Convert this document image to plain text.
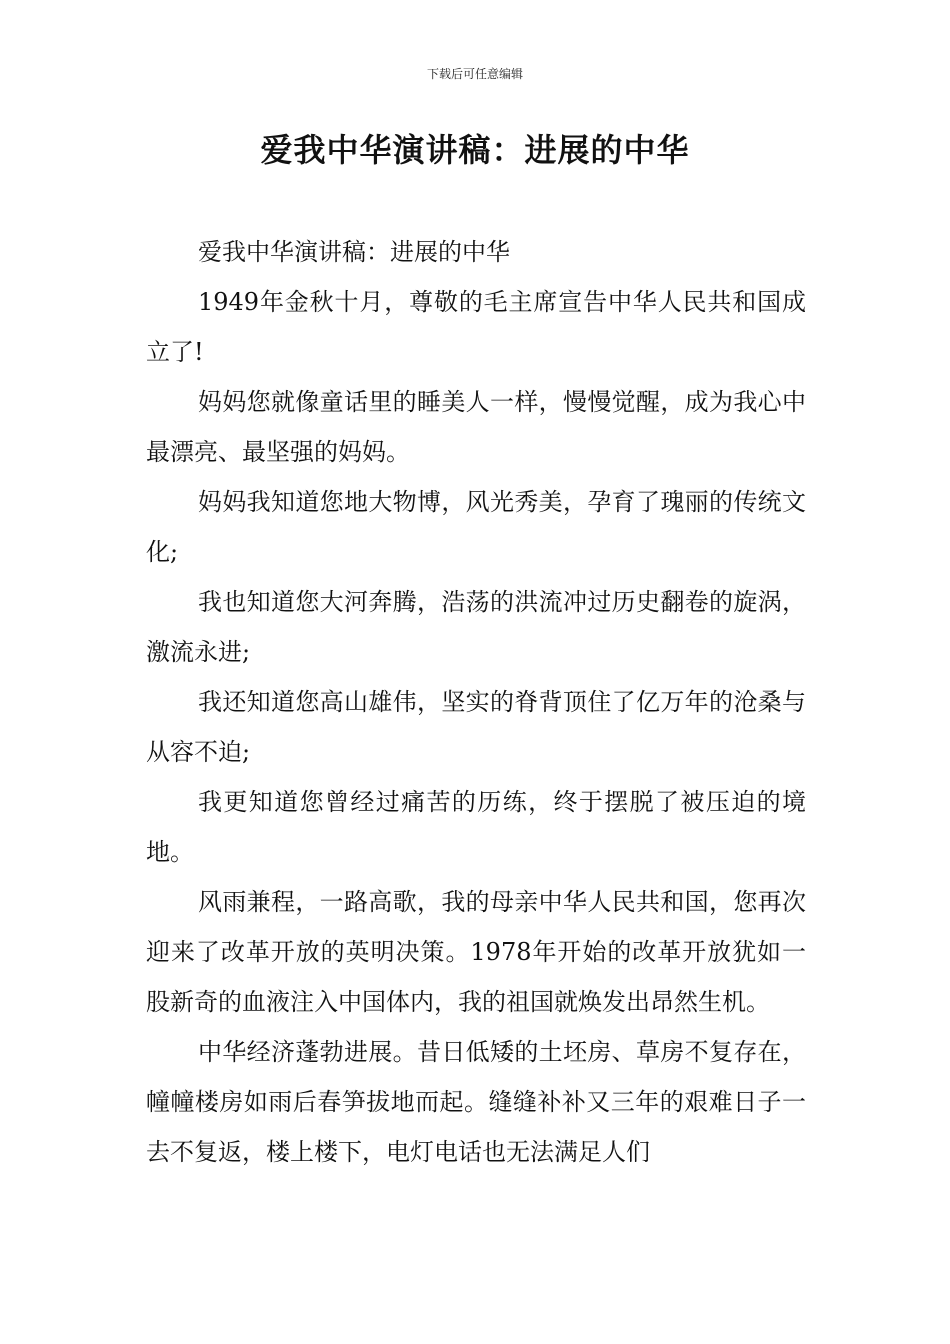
下载后可任意编辑
爱我中华演讲稿：进展的中华

爱我中华演讲稿：进展的中华

1949年金秋十月，尊敬的毛主席宣告中华人民共和国成立了!

妈妈您就像童话里的睡美人一样，慢慢觉醒，成为我心中最漂亮、最坚强的妈妈。

妈妈我知道您地大物博，风光秀美，孕育了瑰丽的传统文化;

我也知道您大河奔腾，浩荡的洪流冲过历史翻卷的旋涡，激流永进;

我还知道您高山雄伟，坚实的脊背顶住了亿万年的沧桑与从容不迫;

我更知道您曾经过痛苦的历练，终于摆脱了被压迫的境地。

风雨兼程，一路高歌，我的母亲中华人民共和国，您再次迎来了改革开放的英明决策。1978年开始的改革开放犹如一股新奇的血液注入中国体内，我的祖国就焕发出昂然生机。

中华经济蓬勃进展。昔日低矮的土坯房、草房不复存在，幢幢楼房如雨后春笋拔地而起。缝缝补补又三年的艰难日子一去不复返，楼上楼下，电灯电话也无法满足人们
